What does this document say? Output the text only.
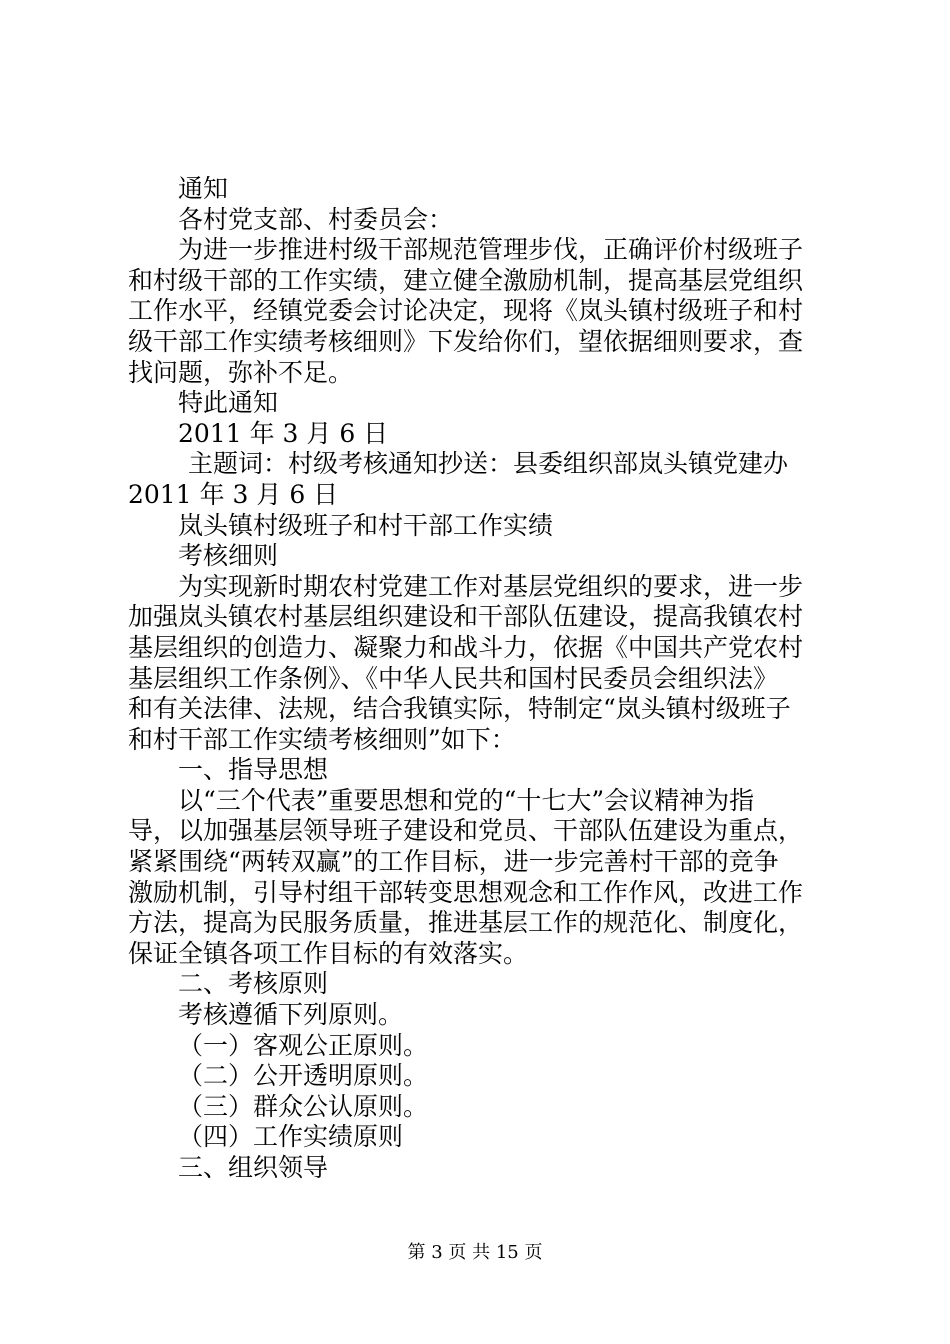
通知

各村党支部、村委员会：

为进一步推进村级干部规范管理步伐，正确评价村级班子

和村级干部的工作实绩，建立健全激励机制，提高基层党组织

工作水平，经镇党委会讨论决定，现将《岚头镇村级班子和村

级干部工作实绩考核细则》下发给你们，望依据细则要求，查

找问题，弥补不足。

特此通知

2011 年 3 月 6 日

主题词：村级考核通知抄送：县委组织部岚头镇党建办

2011 年 3 月 6 日

岚头镇村级班子和村干部工作实绩

考核细则

为实现新时期农村党建工作对基层党组织的要求，进一步

加强岚头镇农村基层组织建设和干部队伍建设，提高我镇农村

基层组织的创造力、凝聚力和战斗力，依据《中国共产党农村

基层组织工作条例》、《中华人民共和国村民委员会组织法》

和有关法律、法规，结合我镇实际，特制定“岚头镇村级班子

和村干部工作实绩考核细则”如下：

一、指导思想

以“三个代表”重要思想和党的“十七大”会议精神为指

导，以加强基层领导班子建设和党员、干部队伍建设为重点，

紧紧围绕“两转双赢”的工作目标，进一步完善村干部的竞争

激励机制，引导村组干部转变思想观念和工作作风，改进工作

方法，提高为民服务质量，推进基层工作的规范化、制度化，

保证全镇各项工作目标的有效落实。

二、考核原则

考核遵循下列原则。

（一）客观公正原则。

（二）公开透明原则。

（三）群众公认原则。

（四）工作实绩原则

三、组织领导

第 3 页 共 15 页
